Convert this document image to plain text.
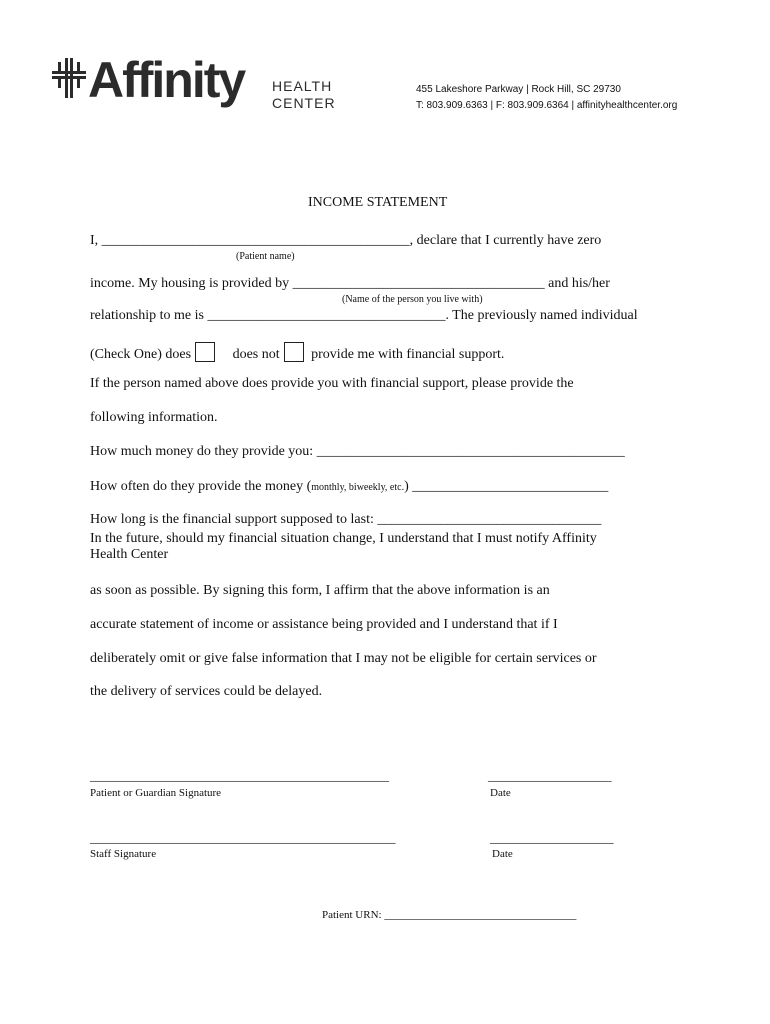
Affinity HEALTH
CENTER
455 Lakeshore Parkway | Rock Hill, SC 29730
T: 803.909.6363 | F: 803.909.6364 | affinityhealthcenter.org
INCOME STATEMENT
I, ____________________________________________, declare that I currently have zero
(Patient name)
income. My housing is provided by ____________________________________ and his/her
(Name of the person you live with)
relationship to me is __________________________________. The previously named individual
(Check One) does	does not provide me with financial support.
If the person named above does provide you with financial support, please provide the
following information.
How much money do they provide you: ____________________________________________
How often do they provide the money (monthly, biweekly, etc.) ____________________________
How long is the financial support supposed to last: ________________________________
In the future, should my financial situation change, I understand that I must notify Affinity
Health Center
as soon as possible. By signing this form, I affirm that the above information is an
accurate statement of income or assistance being provided and I understand that if I
deliberately omit or give false information that I may not be eligible for certain services or
the delivery of services could be delayed.
______________________________________________
Patient or Guardian Signature
___________________
Date
_______________________________________________
Staff Signature
___________________
Date
Patient URN: ________________________________
